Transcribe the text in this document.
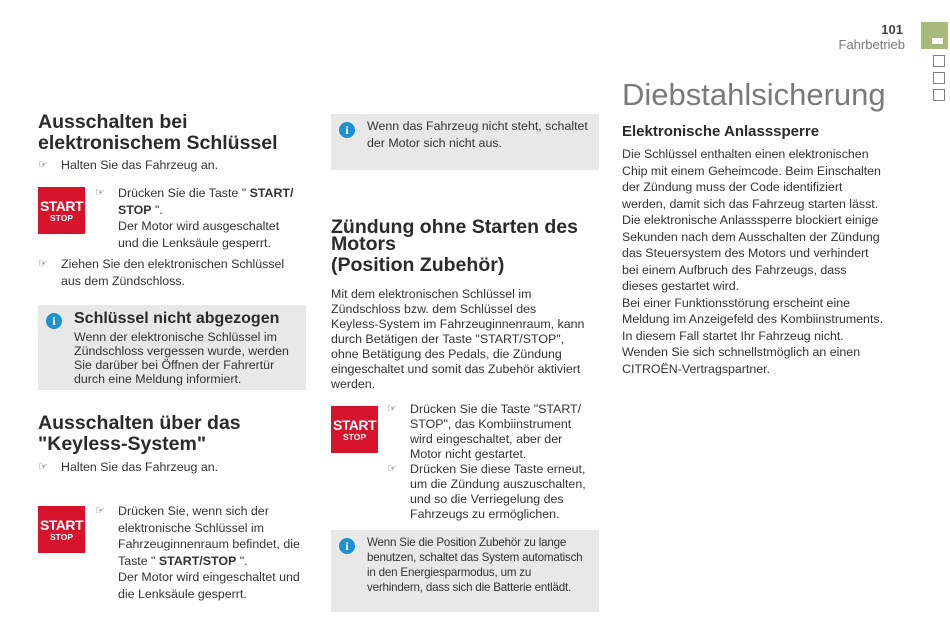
101
Fahrbetrieb
Ausschalten bei
elektronischem Schlüssel
☞ Halten Sie das Fahrzeug an.
START
STOP
☞ Drücken Sie die Taste " START/
STOP ".
Der Motor wird ausgeschaltet
und die Lenksäule gesperrt.
☞ Ziehen Sie den elektronischen Schlüssel
aus dem Zündschloss.
i	Schlüssel nicht abgezogen
Wenn der elektronische Schlüssel im
Zündschloss vergessen wurde, werden
Sie darüber bei Öffnen der Fahrertür
durch eine Meldung informiert.
Ausschalten über das
"Keyless-System"
☞ Halten Sie das Fahrzeug an.
START
STOP
☞ Drücken Sie, wenn sich der
elektronische Schlüssel im
Fahrzeuginnenraum befindet, die
Taste " START/STOP ".
Der Motor wird eingeschaltet und
die Lenksäule gesperrt.
i	Wenn das Fahrzeug nicht steht, schaltet
der Motor sich nicht aus.
Zündung ohne Starten des
Motors
(Position Zubehör)
Mit dem elektronischen Schlüssel im
Zündschloss bzw. dem Schlüssel des
Keyless-System im Fahrzeuginnenraum, kann
durch Betätigen der Taste "START/STOP",
ohne Betätigung des Pedals, die Zündung
eingeschaltet und somit das Zubehör aktiviert
werden.
START
STOP
☞ Drücken Sie die Taste "START/
STOP", das Kombiinstrument
wird eingeschaltet, aber der
Motor nicht gestartet.
☞ Drücken Sie diese Taste erneut,
um die Zündung auszuschalten,
und so die Verriegelung des
Fahrzeugs zu ermöglichen.
i	Wenn Sie die Position Zubehör zu lange
benutzen, schaltet das System automatisch
in den Energiesparmodus, um zu
verhindern, dass sich die Batterie entlädt.
Diebstahlsicherung
Elektronische Anlasssperre
Die Schlüssel enthalten einen elektronischen
Chip mit einem Geheimcode. Beim Einschalten
der Zündung muss der Code identifiziert
werden, damit sich das Fahrzeug starten lässt.
Die elektronische Anlasssperre blockiert einige
Sekunden nach dem Ausschalten der Zündung
das Steuersystem des Motors und verhindert
bei einem Aufbruch des Fahrzeugs, dass
dieses gestartet wird.
Bei einer Funktionsstörung erscheint eine
Meldung im Anzeigefeld des Kombiinstruments.
In diesem Fall startet Ihr Fahrzeug nicht.
Wenden Sie sich schnellstmöglich an einen
CITROËN-Vertragspartner.
